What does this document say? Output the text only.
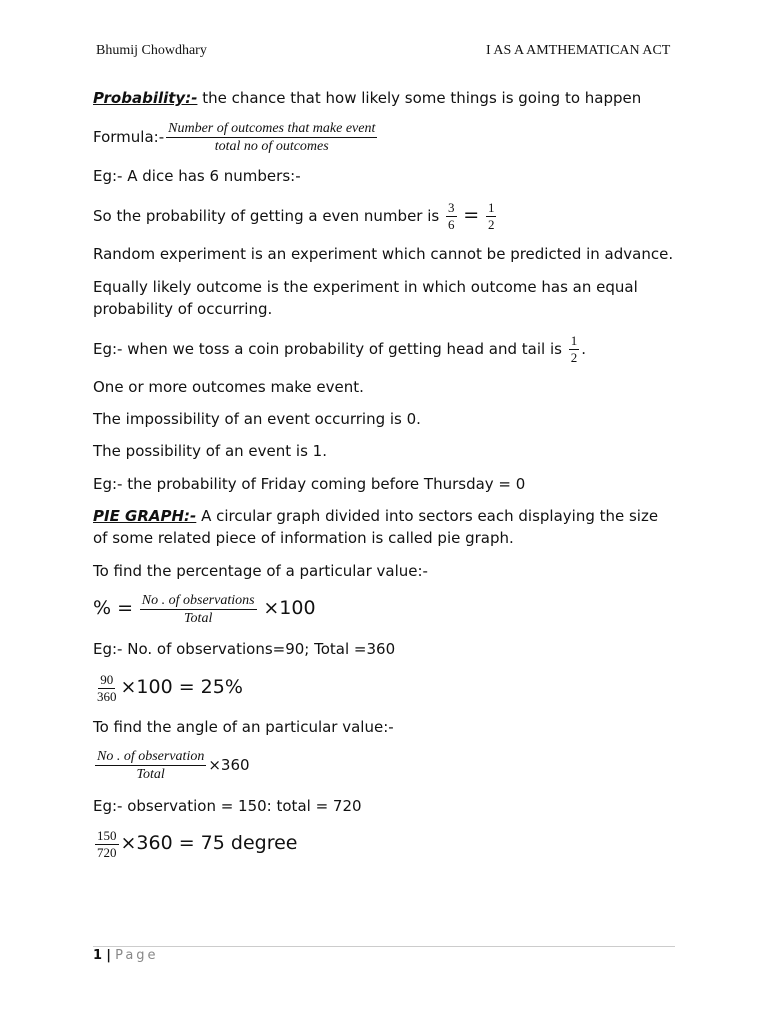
Bhumij Chowdhary	I AS A AMTHEMATICAN ACT
Probability:- the chance that how likely some things is going to happen
Formula:- $\frac{\text{Number of outcomes that make event}}{\text{total no of outcomes}}$
Eg:- A dice has 6 numbers:-
So the probability of getting a even number is $\frac{3}{6} = \frac{1}{2}$
Random experiment is an experiment which cannot be predicted in advance.
Equally likely outcome is the experiment in which outcome has an equal probability of occurring.
Eg:- when we toss a coin probability of getting head and tail is $\frac{1}{2}$ .
One or more outcomes make event.
The impossibility of an event occurring is 0.
The possibility of an event is 1.
Eg:- the probability of Friday coming before Thursday = 0
PIE GRAPH:- A circular graph divided into sectors each displaying the size of some related piece of information is called pie graph.
To find the percentage of a particular value:-
% = $\frac{\text{No . of observations}}{\text{Total}} \times 100$
Eg:- No. of observations=90; Total =360
$\frac{90}{360} \times 100 = 25\%$
To find the angle of an particular value:-
$\frac{\text{No . of observation}}{\text{Total}} \times 360$
Eg:- observation = 150: total = 720
$\frac{150}{720} \times 360 = 75$ degree
1 | Page
